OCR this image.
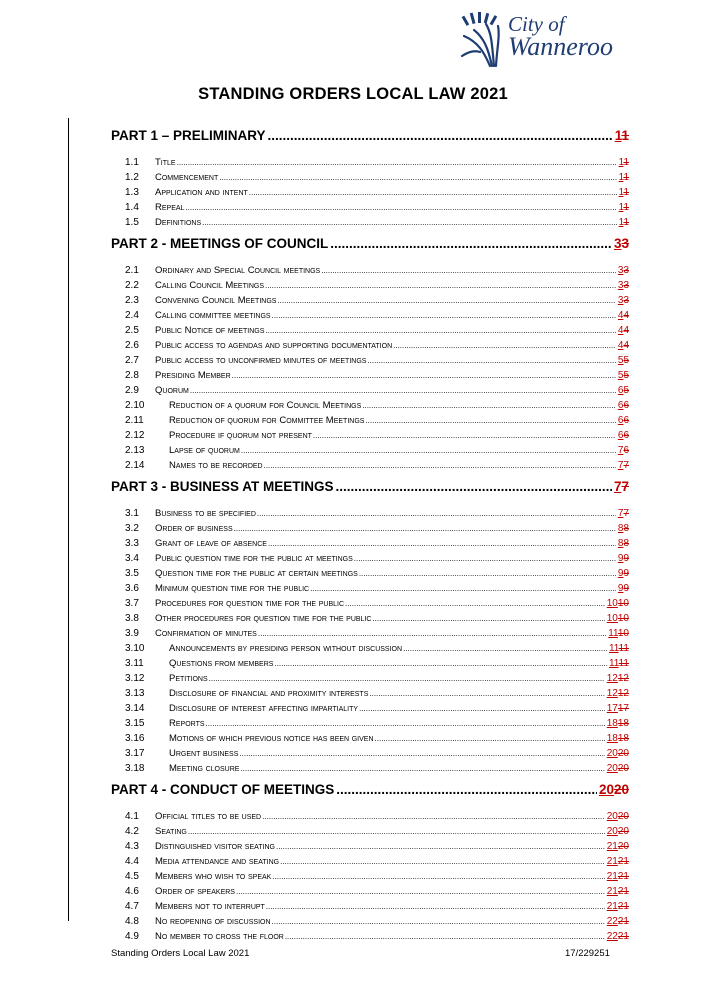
City of
Wanneroo
STANDING ORDERS LOCAL LAW 2021
PART 1 – PRELIMINARY .....	11
1.1	Title .....	11
1.2	Commencement .....	11
1.3	Application and intent .....	11
1.4	Repeal .....	11
1.5	Definitions .....	11
PART 2 - MEETINGS OF COUNCIL .....	33
2.1	Ordinary and Special Council meetings .....	33
2.2	Calling Council Meetings .....	33
2.3	Convening Council Meetings .....	33
2.4	Calling committee meetings .....	44
2.5	Public Notice of meetings .....	44
2.6	Public access to agendas and supporting documentation .....	44
2.7	Public access to unconfirmed minutes of meetings .....	55
2.8	Presiding Member .....	55
2.9	Quorum .....	65
2.10	Reduction of a quorum for Council Meetings .....	66
2.11	Reduction of quorum for Committee Meetings .....	66
2.12	Procedure if quorum not present .....	66
2.13	Lapse of quorum .....	76
2.14	Names to be recorded .....	77
PART 3 - BUSINESS AT MEETINGS .....	77
3.1	Business to be specified .....	77
3.2	Order of business .....	88
3.3	Grant of leave of absence .....	88
3.4	Public question time for the public at meetings .....	99
3.5	Question time for the public at certain meetings .....	99
3.6	Minimum question time for the public .....	99
3.7	Procedures for question time for the public .....	1010
3.8	Other procedures for question time for the public .....	1010
3.9	Confirmation of minutes .....	1110
3.10	Announcements by presiding person without discussion .....	1111
3.11	Questions from members .....	1111
3.12	Petitions .....	1212
3.13	Disclosure of financial and proximity interests .....	1212
3.14	Disclosure of interest affecting impartiality .....	1717
3.15	Reports .....	1818
3.16	Motions of which previous notice has been given .....	1818
3.17	Urgent business .....	2020
3.18	Meeting closure .....	2020
PART 4 - CONDUCT OF MEETINGS .....	2020
4.1	Official titles to be used .....	2020
4.2	Seating .....	2020
4.3	Distinguished visitor seating .....	2120
4.4	Media attendance and seating .....	2121
4.5	Members who wish to speak .....	2121
4.6	Order of speakers .....	2121
4.7	Members not to interrupt .....	2121
4.8	No reopening of discussion .....	2221
4.9	No member to cross the floor .....	2221
Standing Orders Local Law 2021	17/229251
